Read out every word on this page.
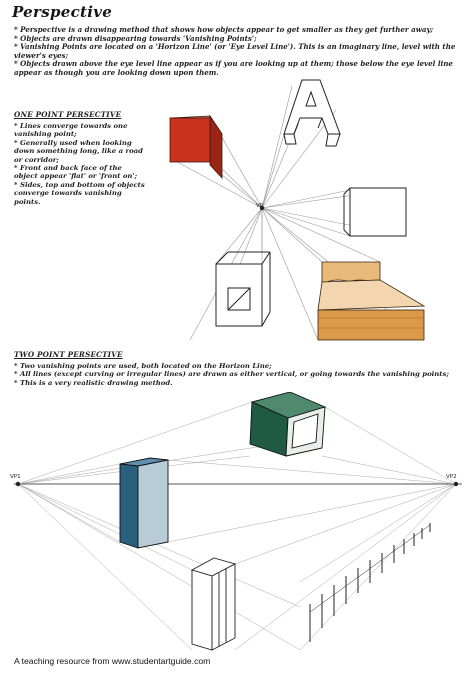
Perspective
* Perspective is a drawing method that shows how objects appear to get smaller as they get further away;
* Objects are drawn disappearing towards 'Vanishing Points';
* Vanishing Points are located on a 'Horizon Line' (or 'Eye Level Line'). This is an imaginary line, level with the viewer's eyes;
* Objects drawn above the eye level line appear as if you are looking up at them; those below the eye level line appear as though you are looking down upon them.
ONE POINT PERSECTIVE
* Lines converge towards one vanishing point;
* Generally used when looking down something long, like a road or corridor;
* Front and back face of the object appear 'flat' or 'front on';
* Sides, top and bottom of objects converge towards vanishing points.
VP
TWO POINT PERSECTIVE
* Two vanishing points are used, both located on the Horizon Line;
* All lines (except curving or irregular lines) are drawn as either vertical, or going towards the vanishing points;
* This is a very realistic drawing method.
VP1	VP2
A teaching resource from www.studentartguide.com
